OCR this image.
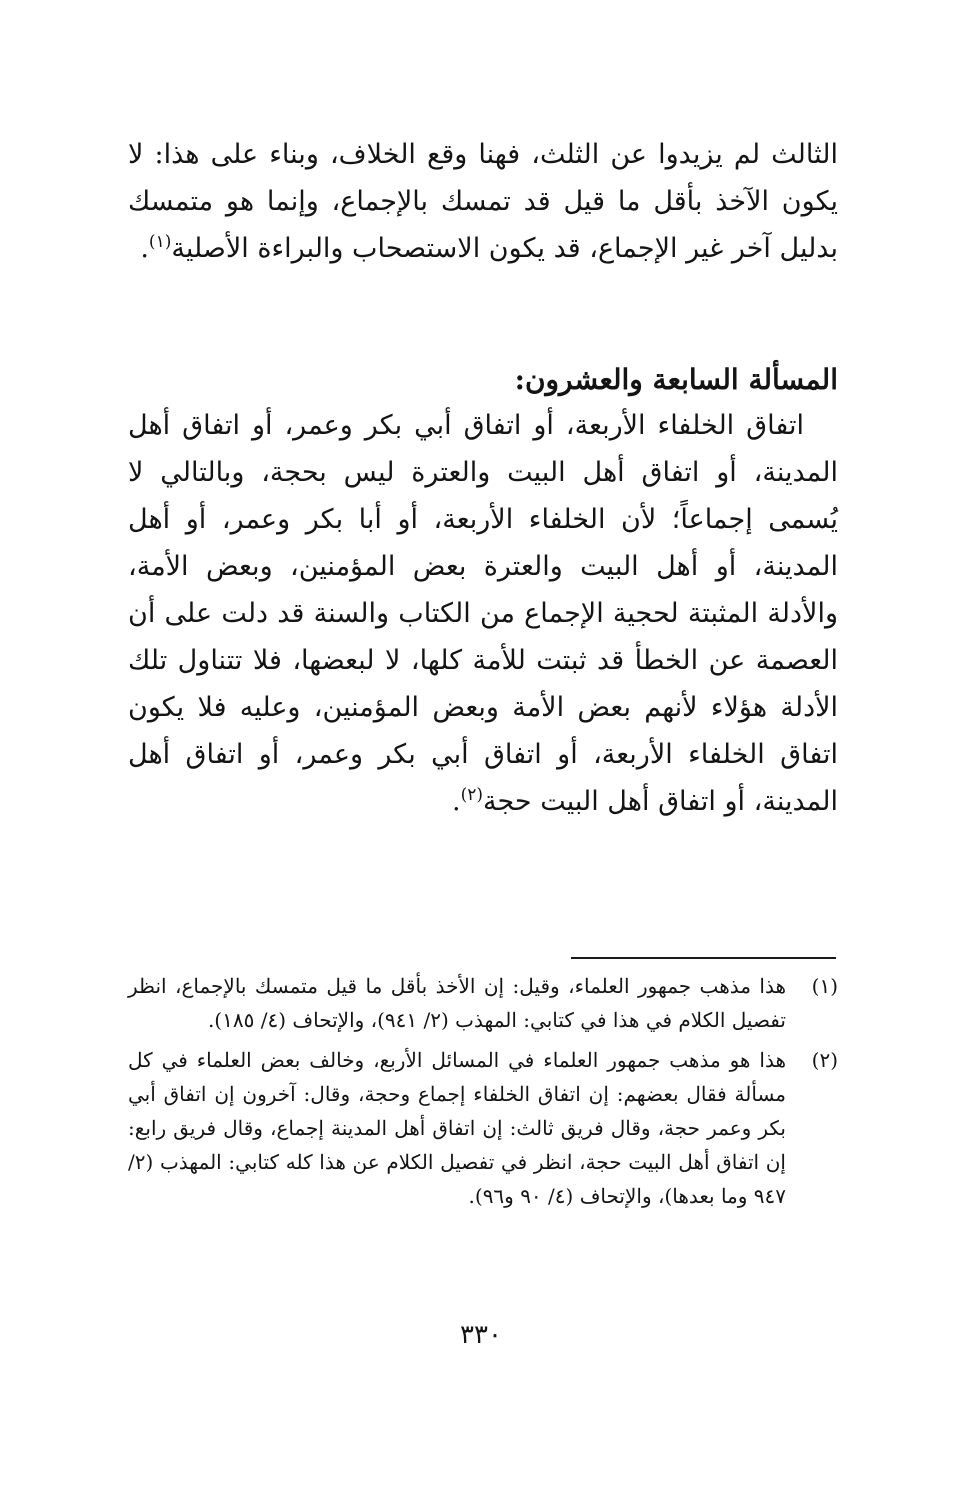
الثالث لم يزيدوا عن الثلث، فهنا وقع الخلاف، وبناء على هذا: لا يكون الآخذ بأقل ما قيل قد تمسك بالإجماع، وإنما هو متمسك بدليل آخر غير الإجماع، قد يكون الاستصحاب والبراءة الأصلية$^{(١)}$.
المسألة السابعة والعشرون:
اتفاق الخلفاء الأربعة، أو اتفاق أبي بكر وعمر، أو اتفاق أهل المدينة، أو اتفاق أهل البيت والعترة ليس بحجة، وبالتالي لا يُسمى إجماعاً؛ لأن الخلفاء الأربعة، أو أبا بكر وعمر، أو أهل المدينة، أو أهل البيت والعترة بعض المؤمنين، وبعض الأمة، والأدلة المثبتة لحجية الإجماع من الكتاب والسنة قد دلت على أن العصمة عن الخطأ قد ثبتت للأمة كلها، لا لبعضها، فلا تتناول تلك الأدلة هؤلاء لأنهم بعض الأمة وبعض المؤمنين، وعليه فلا يكون اتفاق الخلفاء الأربعة، أو اتفاق أبي بكر وعمر، أو اتفاق أهل المدينة، أو اتفاق أهل البيت حجة$^{(٢)}$.
(١)
هذا مذهب جمهور العلماء، وقيل: إن الأخذ بأقل ما قيل متمسك بالإجماع، انظر تفصيل الكلام في هذا في كتابي: المهذب (٢/ ٩٤١)، والإتحاف (٤/ ١٨٥).
(٢)
هذا هو مذهب جمهور العلماء في المسائل الأربع، وخالف بعض العلماء في كل مسألة فقال بعضهم: إن اتفاق الخلفاء إجماع وحجة، وقال: آخرون إن اتفاق أبي بكر وعمر حجة، وقال فريق ثالث: إن اتفاق أهل المدينة إجماع، وقال فريق رابع: إن اتفاق أهل البيت حجة، انظر في تفصيل الكلام عن هذا كله كتابي: المهذب (٢/ ٩٤٧ وما بعدها)، والإتحاف (٤/ ٩٠ و٩٦).
٣٣٠
